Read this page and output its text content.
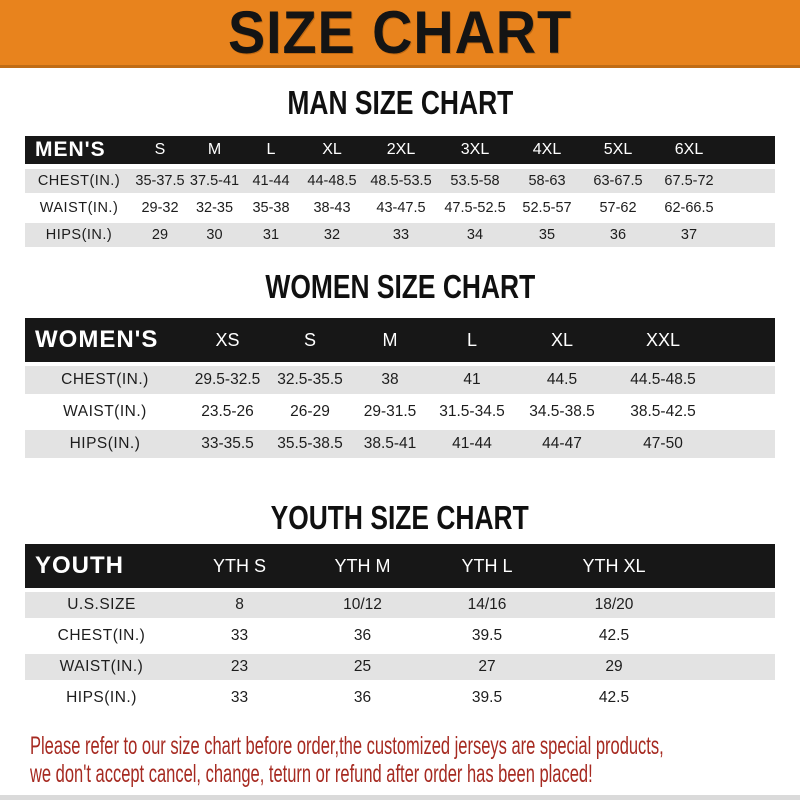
SIZE CHART
MAN SIZE CHART
MEN'S	S	M	L	XL	2XL	3XL	4XL	5XL	6XL
CHEST(IN.) 35-37.5 37.5-41 41-44 44-48.5 48.5-53.5 53.5-58 58-63 63-67.5 67.5-72
WAIST(IN.) 29-32 32-35 35-38 38-43 43-47.5 47.5-52.5 52.5-57 57-62 62-66.5
HIPS(IN.)	29	30	31	32	33	34	35	36	37
WOMEN SIZE CHART
WOMEN'S	XS	S	M	L	XL	XXL
CHEST(IN.)	29.5-32.5 32.5-35.5 38	41	44.5	44.5-48.5
WAIST(IN.)	23.5-26 26-29 29-31.5 31.5-34.5 34.5-38.5 38.5-42.5
HIPS(IN.)	33-35.5 35.5-38.5 38.5-41 41-44	44-47	47-50
YOUTH SIZE CHART
YOUTH	YTH S	YTH M	YTH L	YTH XL
U.S.SIZE	8	10/12	14/16	18/20
CHEST(IN.)	33	36	39.5	42.5
WAIST(IN.)	23	25	27	29
HIPS(IN.)	33	36	39.5	42.5
Please refer to our size chart before order,the customized jerseys are special products,
we don't accept cancel, change, teturn or refund after order has been placed!
